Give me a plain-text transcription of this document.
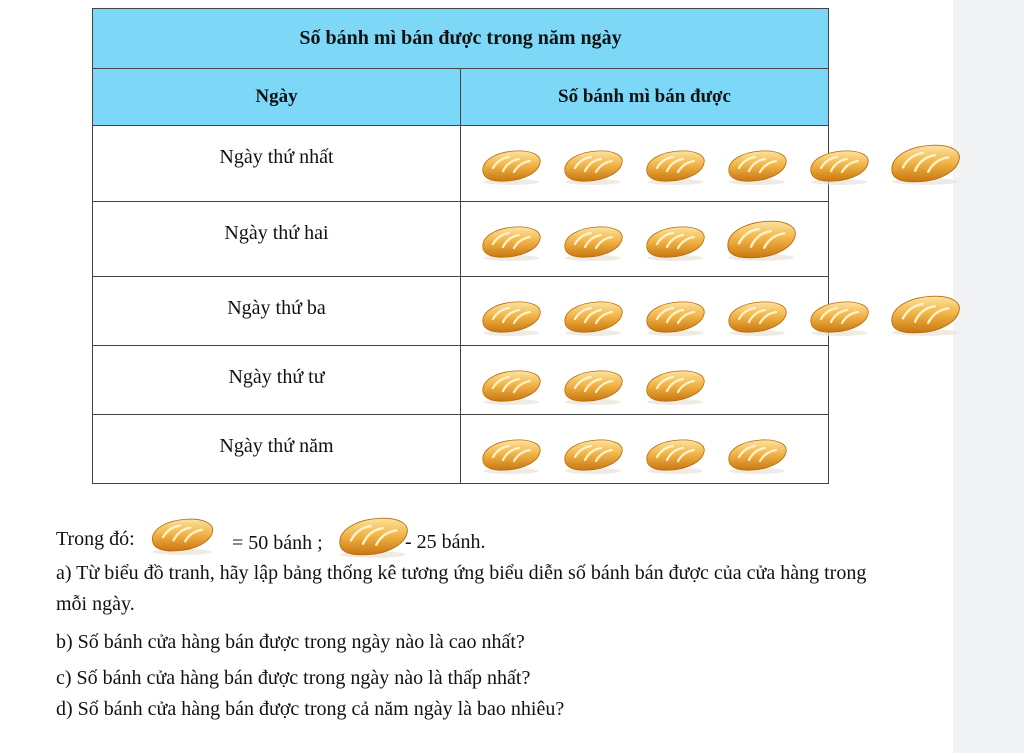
Số bánh mì bán được trong năm ngày	
Ngày	Số bánh mì bán được
Ngày thứ nhất	

Ngày thứ hai	

Ngày thứ ba	

Ngày thứ tư	

Ngày thứ năm	
Trong đó:	= 50 bánh ;	- 25 bánh.

a) Từ biểu đồ tranh, hãy lập bảng thống kê tương ứng biểu diễn số bánh bán được của cửa hàng trong mỗi ngày.

b) Số bánh cửa hàng bán được trong ngày nào là cao nhất?

c) Số bánh cửa hàng bán được trong ngày nào là thấp nhất?

d) Số bánh cửa hàng bán được trong cả năm ngày là bao nhiêu?
